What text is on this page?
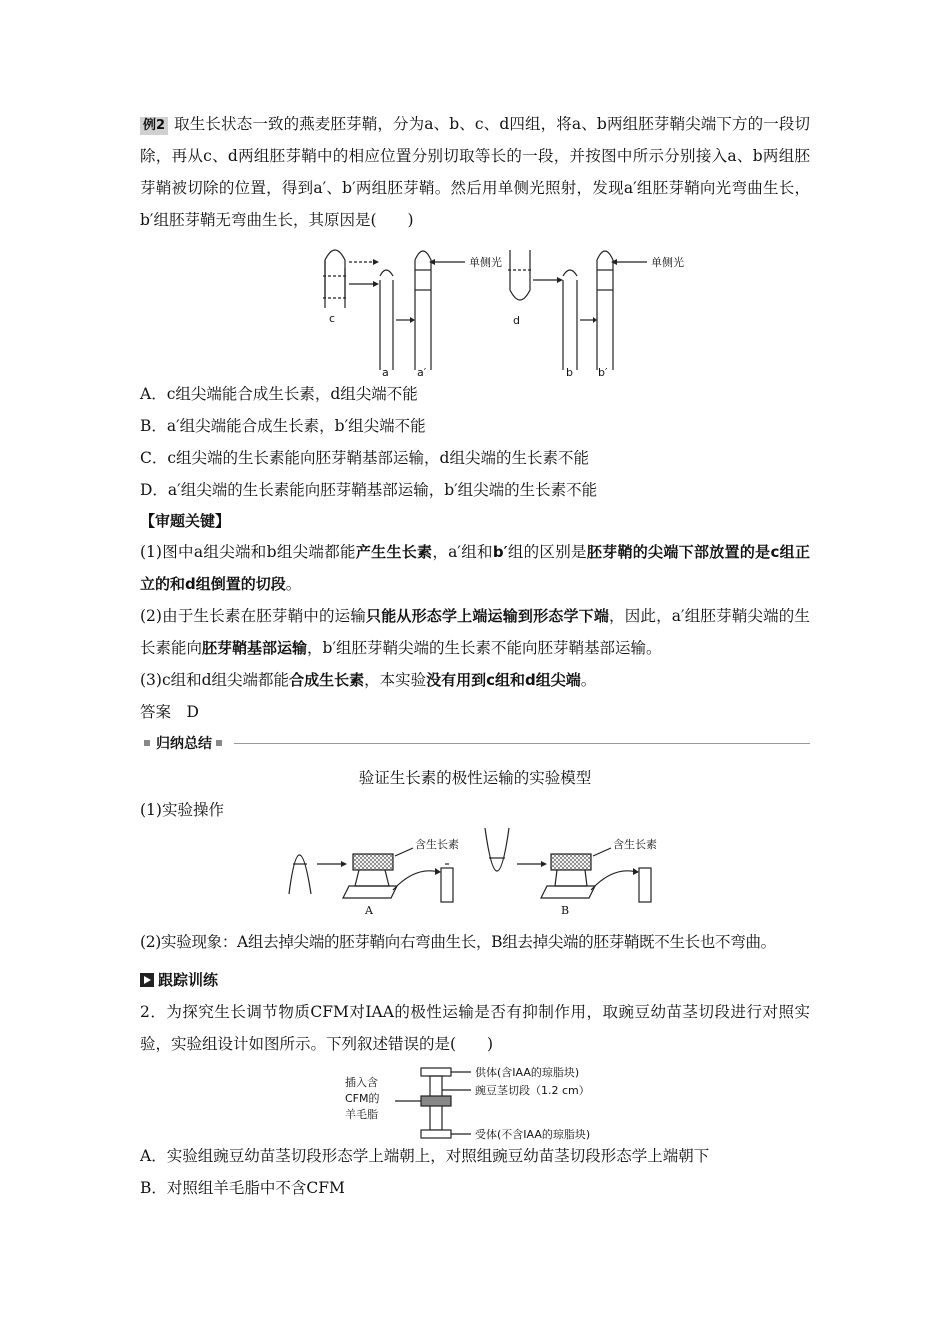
例2 取生长状态一致的燕麦胚芽鞘，分为a、b、c、d四组，将a、b两组胚芽鞘尖端下方的一段切除，再从c、d两组胚芽鞘中的相应位置分别切取等长的一段，并按图中所示分别接入a、b两组胚芽鞘被切除的位置，得到a′、b′两组胚芽鞘。然后用单侧光照射，发现a′组胚芽鞘向光弯曲生长，b′组胚芽鞘无弯曲生长，其原因是(　　)

单侧光	单侧光
c
a	a′
d
b b′

A．c组尖端能合成生长素，d组尖端不能

B．a′组尖端能合成生长素，b′组尖端不能

C．c组尖端的生长素能向胚芽鞘基部运输，d组尖端的生长素不能

D．a′组尖端的生长素能向胚芽鞘基部运输，b′组尖端的生长素不能

【审题关键】

(1)图中a组尖端和b组尖端都能产生生长素，a′组和b′组的区别是胚芽鞘的尖端下部放置的是c组正立的和d组倒置的切段。

(2)由于生长素在胚芽鞘中的运输只能从形态学上端运输到形态学下端，因此，a′组胚芽鞘尖端的生长素能向胚芽鞘基部运输，b′组胚芽鞘尖端的生长素不能向胚芽鞘基部运输。

(3)c组和d组尖端都能合成生长素，本实验没有用到c组和d组尖端。

答案　D

归纳总结

验证生长素的极性运输的实验模型

(1)实验操作

含生长素	含生长素
A	B

(2)实验现象：A组去掉尖端的胚芽鞘向右弯曲生长，B组去掉尖端的胚芽鞘既不生长也不弯曲。

跟踪训练

2．为探究生长调节物质CFM对IAA的极性运输是否有抑制作用，取豌豆幼苗茎切段进行对照实验，实验组设计如图所示。下列叙述错误的是(　　)

插入含
CFM的
羊毛脂
供体(含IAA的琼脂块)
豌豆茎切段（1.2 cm）
受体(不含IAA的琼脂块)

A．实验组豌豆幼苗茎切段形态学上端朝上，对照组豌豆幼苗茎切段形态学上端朝下

B．对照组羊毛脂中不含CFM
